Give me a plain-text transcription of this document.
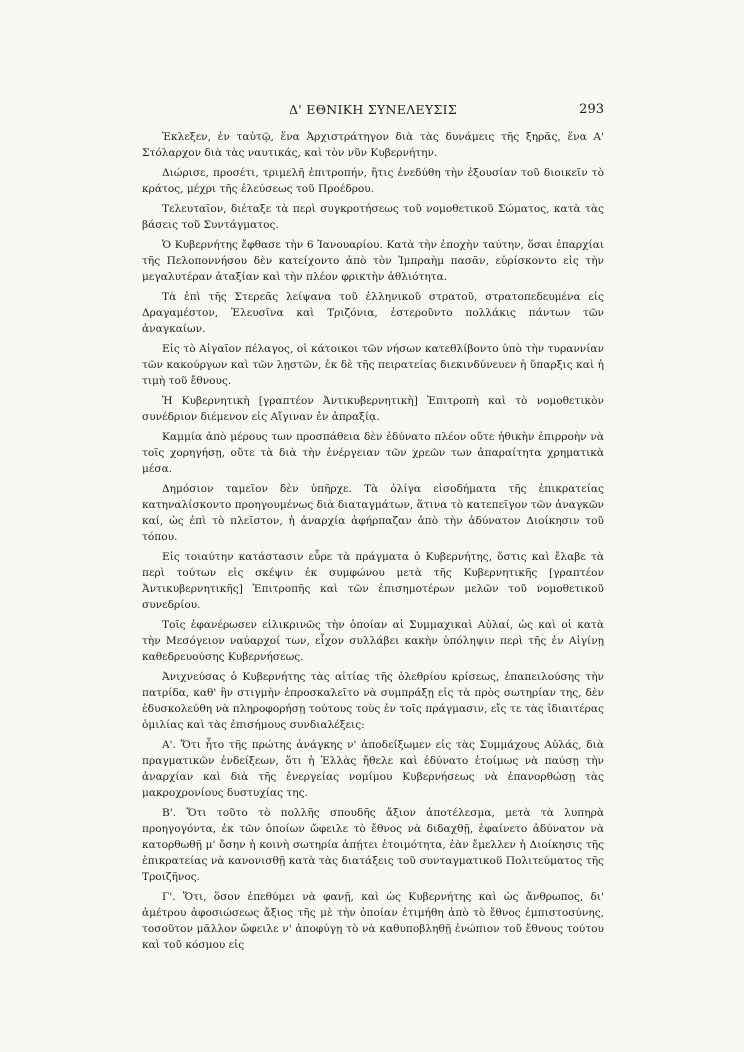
Δ' ΕΘΝΙΚΗ ΣΥΝΕΛΕΥΣΙΣ	293

Ἐκλεξεν, ἐν ταὐτῷ, ἕνα Ἀρχιστράτηγον διὰ τὰς δυνάμεις τῆς ξηρᾶς, ἕνα Α' Στόλαρχον διὰ τὰς ναυτικάς, καὶ τὸν νῦν Κυβερνήτην.

Διώρισε, προσέτι, τριμελῆ ἐπιτροπήν, ἥτις ἐνεδύθη τὴν ἐξουσίαν τοῦ διοικεῖν τὸ κράτος, μέχρι τῆς ἐλεύσεως τοῦ Προέδρου.

Τελευταῖον, διέταξε τὰ περὶ συγκροτήσεως τοῦ νομοθετικοῦ Σώματος, κατὰ τὰς βάσεις τοῦ Συντάγματος.

Ὁ Κυβερνήτης ἔφθασε τὴν 6 Ἰανουαρίου. Κατὰ τὴν ἐποχὴν ταύτην, ὅσαι ἐπαρχίαι τῆς Πελοποννήσου δὲν κατείχοντο ἀπὸ τὸν Ἰμπραὴμ πασᾶν, εὑρίσκοντο εἰς τὴν μεγαλυτέραν ἀταξίαν καὶ τὴν πλέον φρικτὴν ἀθλιότητα.

Τὰ ἐπὶ τῆς Στερεᾶς λείψανα τοῦ ἑλληνικοῦ στρατοῦ, στρατοπεδευμένα εἰς Δραγαμέστον, Ἐλευσῖνα καὶ Τριζόνια, ἐστεροῦντο πολλάκις πάντων τῶν ἀναγκαίων.

Εἰς τὸ Αἰγαῖον πέλαγος, οἱ κάτοικοι τῶν νήσων κατεθλίβοντο ὑπὸ τὴν τυραννίαν τῶν κακούργων καὶ τῶν λῃστῶν, ἐκ δὲ τῆς πειρατείας διεκινδύνευεν ἡ ὕπαρξις καὶ ἡ τιμὴ τοῦ ἔθνους.

Ἡ Κυβερνητικὴ [γραπτέον Ἀντικυβερνητικὴ] Ἐπιτροπὴ καὶ τὸ νομοθετικὸν συνέδριον διέμενον εἰς Αἴγιναν ἐν ἀπραξίᾳ.

Καμμία ἀπὸ μέρους των προσπάθεια δὲν ἐδύνατο πλέον οὔτε ἠθικὴν ἐπιρροὴν νὰ τοῖς χορηγήσῃ, οὔτε τὰ διὰ τὴν ἐνέργειαν τῶν χρεῶν των ἀπαραίτητα χρηματικὰ μέσα.

Δημόσιον ταμεῖον δὲν ὑπῆρχε. Τὰ ὀλίγα εἰσοδήματα τῆς ἐπικρατείας κατηναλίσκοντο προηγουμένως διὰ διαταγμάτων, ἅτινα τὸ κατεπεῖγον τῶν ἀναγκῶν καί, ὡς ἐπὶ τὸ πλεῖστον, ἡ ἀναρχία ἀφήρπαζαν ἀπὸ τὴν ἀδύνατον Διοίκησιν τοῦ τόπου.

Εἰς τοιαύτην κατάστασιν εὗρε τὰ πράγματα ὁ Κυβερνήτης, ὅστις καὶ ἔλαβε τὰ περὶ τούτων εἰς σκέψιν ἐκ συμφώνου μετὰ τῆς Κυβερνητικῆς [γραπτέον Ἀντικυβερνητικῆς] Ἐπιτροπῆς καὶ τῶν ἐπισημοτέρων μελῶν τοῦ νομοθετικοῦ συνεδρίου.

Τοῖς ἐφανέρωσεν εἰλικρινῶς τὴν ὁποίαν αἱ Συμμαχικαὶ Αὐλαί, ὡς καὶ οἱ κατὰ τὴν Μεσόγειον ναύαρχοί των, εἶχον συλλάβει κακὴν ὑπόληψιν περὶ τῆς ἐν Αἰγίνῃ καθεδρευούσης Κυβερνήσεως.

Ἀνιχνεύσας ὁ Κυβερνήτης τὰς αἰτίας τῆς ὀλεθρίου κρίσεως, ἐπαπειλούσης τὴν πατρίδα, καθ' ἣν στιγμὴν ἐπροσκαλεῖτο νὰ συμπράξῃ εἰς τὰ πρὸς σωτηρίαν της, δὲν ἐδυσκολεύθη νὰ πληροφορήσῃ τούτους τοὺς ἐν τοῖς πράγμασιν, εἴς τε τὰς ἰδιαιτέρας ὁμιλίας καὶ τὰς ἐπισήμους συνδιαλέξεις:

Α'. Ὅτι ἦτο τῆς πρώτης ἀνάγκης ν' ἀποδείξωμεν εἰς τὰς Συμμάχους Αὐλάς, διὰ πραγματικῶν ἐνδείξεων, ὅτι ἡ Ἑλλὰς ἤθελε καὶ ἐδύνατο ἑτοίμως νὰ παύσῃ τὴν ἀναρχίαν καὶ διὰ τῆς ἐνεργείας νομίμου Κυβερνήσεως νὰ ἐπανορθώσῃ τὰς μακροχρονίους δυστυχίας της.

Β'. Ὅτι τοῦτο τὸ πολλῆς σπουδῆς ἄξιον ἀποτέλεσμα, μετὰ τὰ λυπηρὰ προηγογόντα, ἐκ τῶν ὁποίων ὤφειλε τὸ ἔθνος νὰ διδαχθῇ, ἐφαίνετο ἀδύνατον νὰ κατορθωθῇ μ' ὅσην ἡ κοινὴ σωτηρία ἀπῄτει ἑτοιμότητα, ἐὰν ἔμελλεν ἡ Διοίκησις τῆς ἐπικρατείας νὰ κανονισθῇ κατὰ τὰς διατάξεις τοῦ συνταγματικοῦ Πολιτεύματος τῆς Τροιζῆνος.

Γ'. Ὅτι, ὅσον ἐπεθύμει νὰ φανῇ, καὶ ὡς Κυβερνήτης καὶ ὡς ἄνθρωπος, δι' ἀμέτρου ἀφοσιώσεως ἄξιος τῆς μὲ τὴν ὁποίαν ἐτιμήθη ἀπὸ τὸ ἔθνος ἐμπιστοσύνης, τοσοῦτον μᾶλλον ὤφειλε ν' ἀποφύγῃ τὸ νὰ καθυποβληθῇ ἐνώπιον τοῦ ἔθνους τούτου καὶ τοῦ κόσμου εἰς
